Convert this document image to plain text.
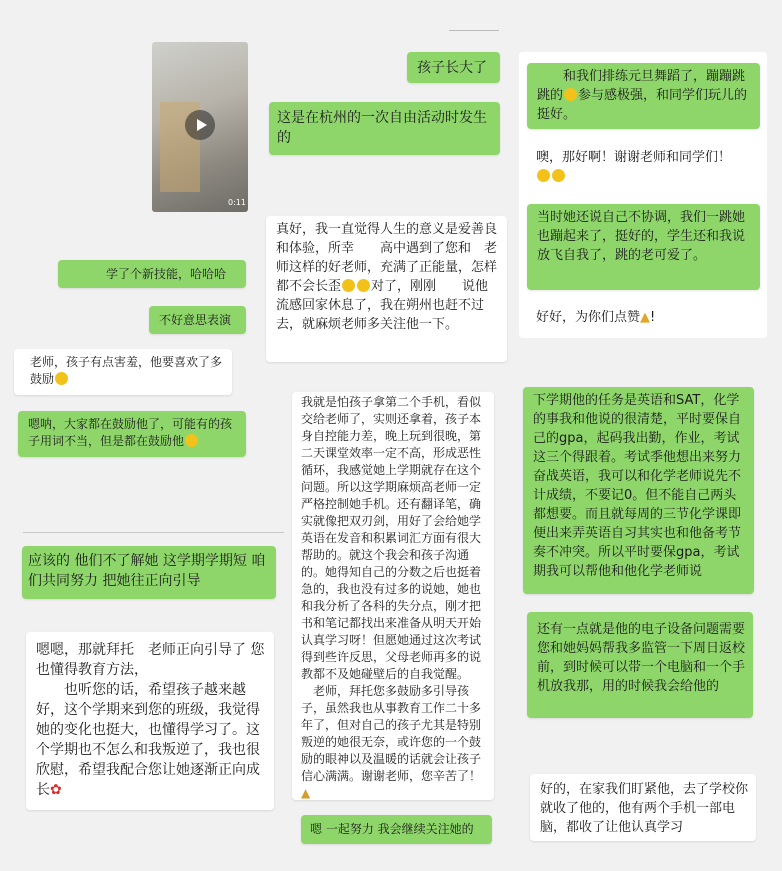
0:11
孩子长大了
这是在杭州的一次自由活动时发生的
真好，我一直觉得人生的意义是爱善良和体验，所幸　　高中遇到了您和　老师这样的好老师，充满了正能量，怎样都不会长歪 对了，刚刚　　说他流感回家休息了，我在朔州也赶不过去，就麻烦老师多关注他一下。
学了个新技能，哈哈哈
不好意思表演
老师，孩子有点害羞，他要喜欢了多鼓励
嗯呐，大家都在鼓励他了，可能有的孩子用词不当，但是都在鼓励他
应该的 他们不了解她 这学期学期短 咱们共同努力 把她往正向引导
嗯嗯，那就拜托　老师正向引导了 您也懂得教育方法，
　　也听您的话，希望孩子越来越好，这个学期来到您的班级，我觉得她的变化也挺大，也懂得学习了。这个学期也不怎么和我叛逆了，我也很欣慰，希望我配合您让她逐渐正向成长✿
我就是怕孩子拿第二个手机，看似交给老师了，实则还拿着，孩子本身自控能力差，晚上玩到很晚，第二天课堂效率一定不高，形成恶性循环，我感觉她上学期就存在这个问题。所以这学期麻烦高老师一定严格控制她手机。还有翻译笔，确实就像把双刃剑，用好了会给她学英语在发音和积累词汇方面有很大帮助的。就这个我会和孩子沟通的。她得知自己的分数之后也挺着急的，我也没有过多的说她，她也和我分析了各科的失分点，刚才把书和笔记都找出来准备从明天开始认真学习呀！但愿她通过这次考试得到些许反思，父母老师再多的说教都不及她碰壁后的自我觉醒。
　老师，拜托您多鼓励多引导孩子，虽然我也从事教育工作二十多年了，但对自己的孩子尤其是特别叛逆的她很无奈，或许您的一个鼓励的眼神以及温暖的话就会让孩子信心满满。谢谢老师，您辛苦了！▲
嗯 一起努力 我会继续关注她的
　　和我们排练元旦舞蹈了，蹦蹦跳跳的 参与感极强，和同学们玩儿的挺好。
噢，那好啊！谢谢老师和同学们！

当时她还说自己不协调，我们一跳她也蹦起来了，挺好的，学生还和我说　　放飞自我了，跳的老可爱了。
好好，为你们点赞▲!
下学期他的任务是英语和SAT，化学的事我和他说的很清楚，平时要保自己的gpa，起码我出勤，作业，考试这三个得跟着。考试季他想出来努力奋战英语，我可以和化学老师说先不计成绩，不要记0。但不能自己两头都想要。而且就每周的三节化学课即便出来弄英语自习其实也和他备考节奏不冲突。所以平时要保gpa，考试期我可以帮他和他化学老师说
还有一点就是他的电子设备问题需要您和她妈妈帮我多监管一下周日返校前，到时候可以带一个电脑和一个手机放我那，用的时候我会给他的
好的，在家我们盯紧他，去了学校你就收了他的，他有两个手机一部电脑，都收了让他认真学习
